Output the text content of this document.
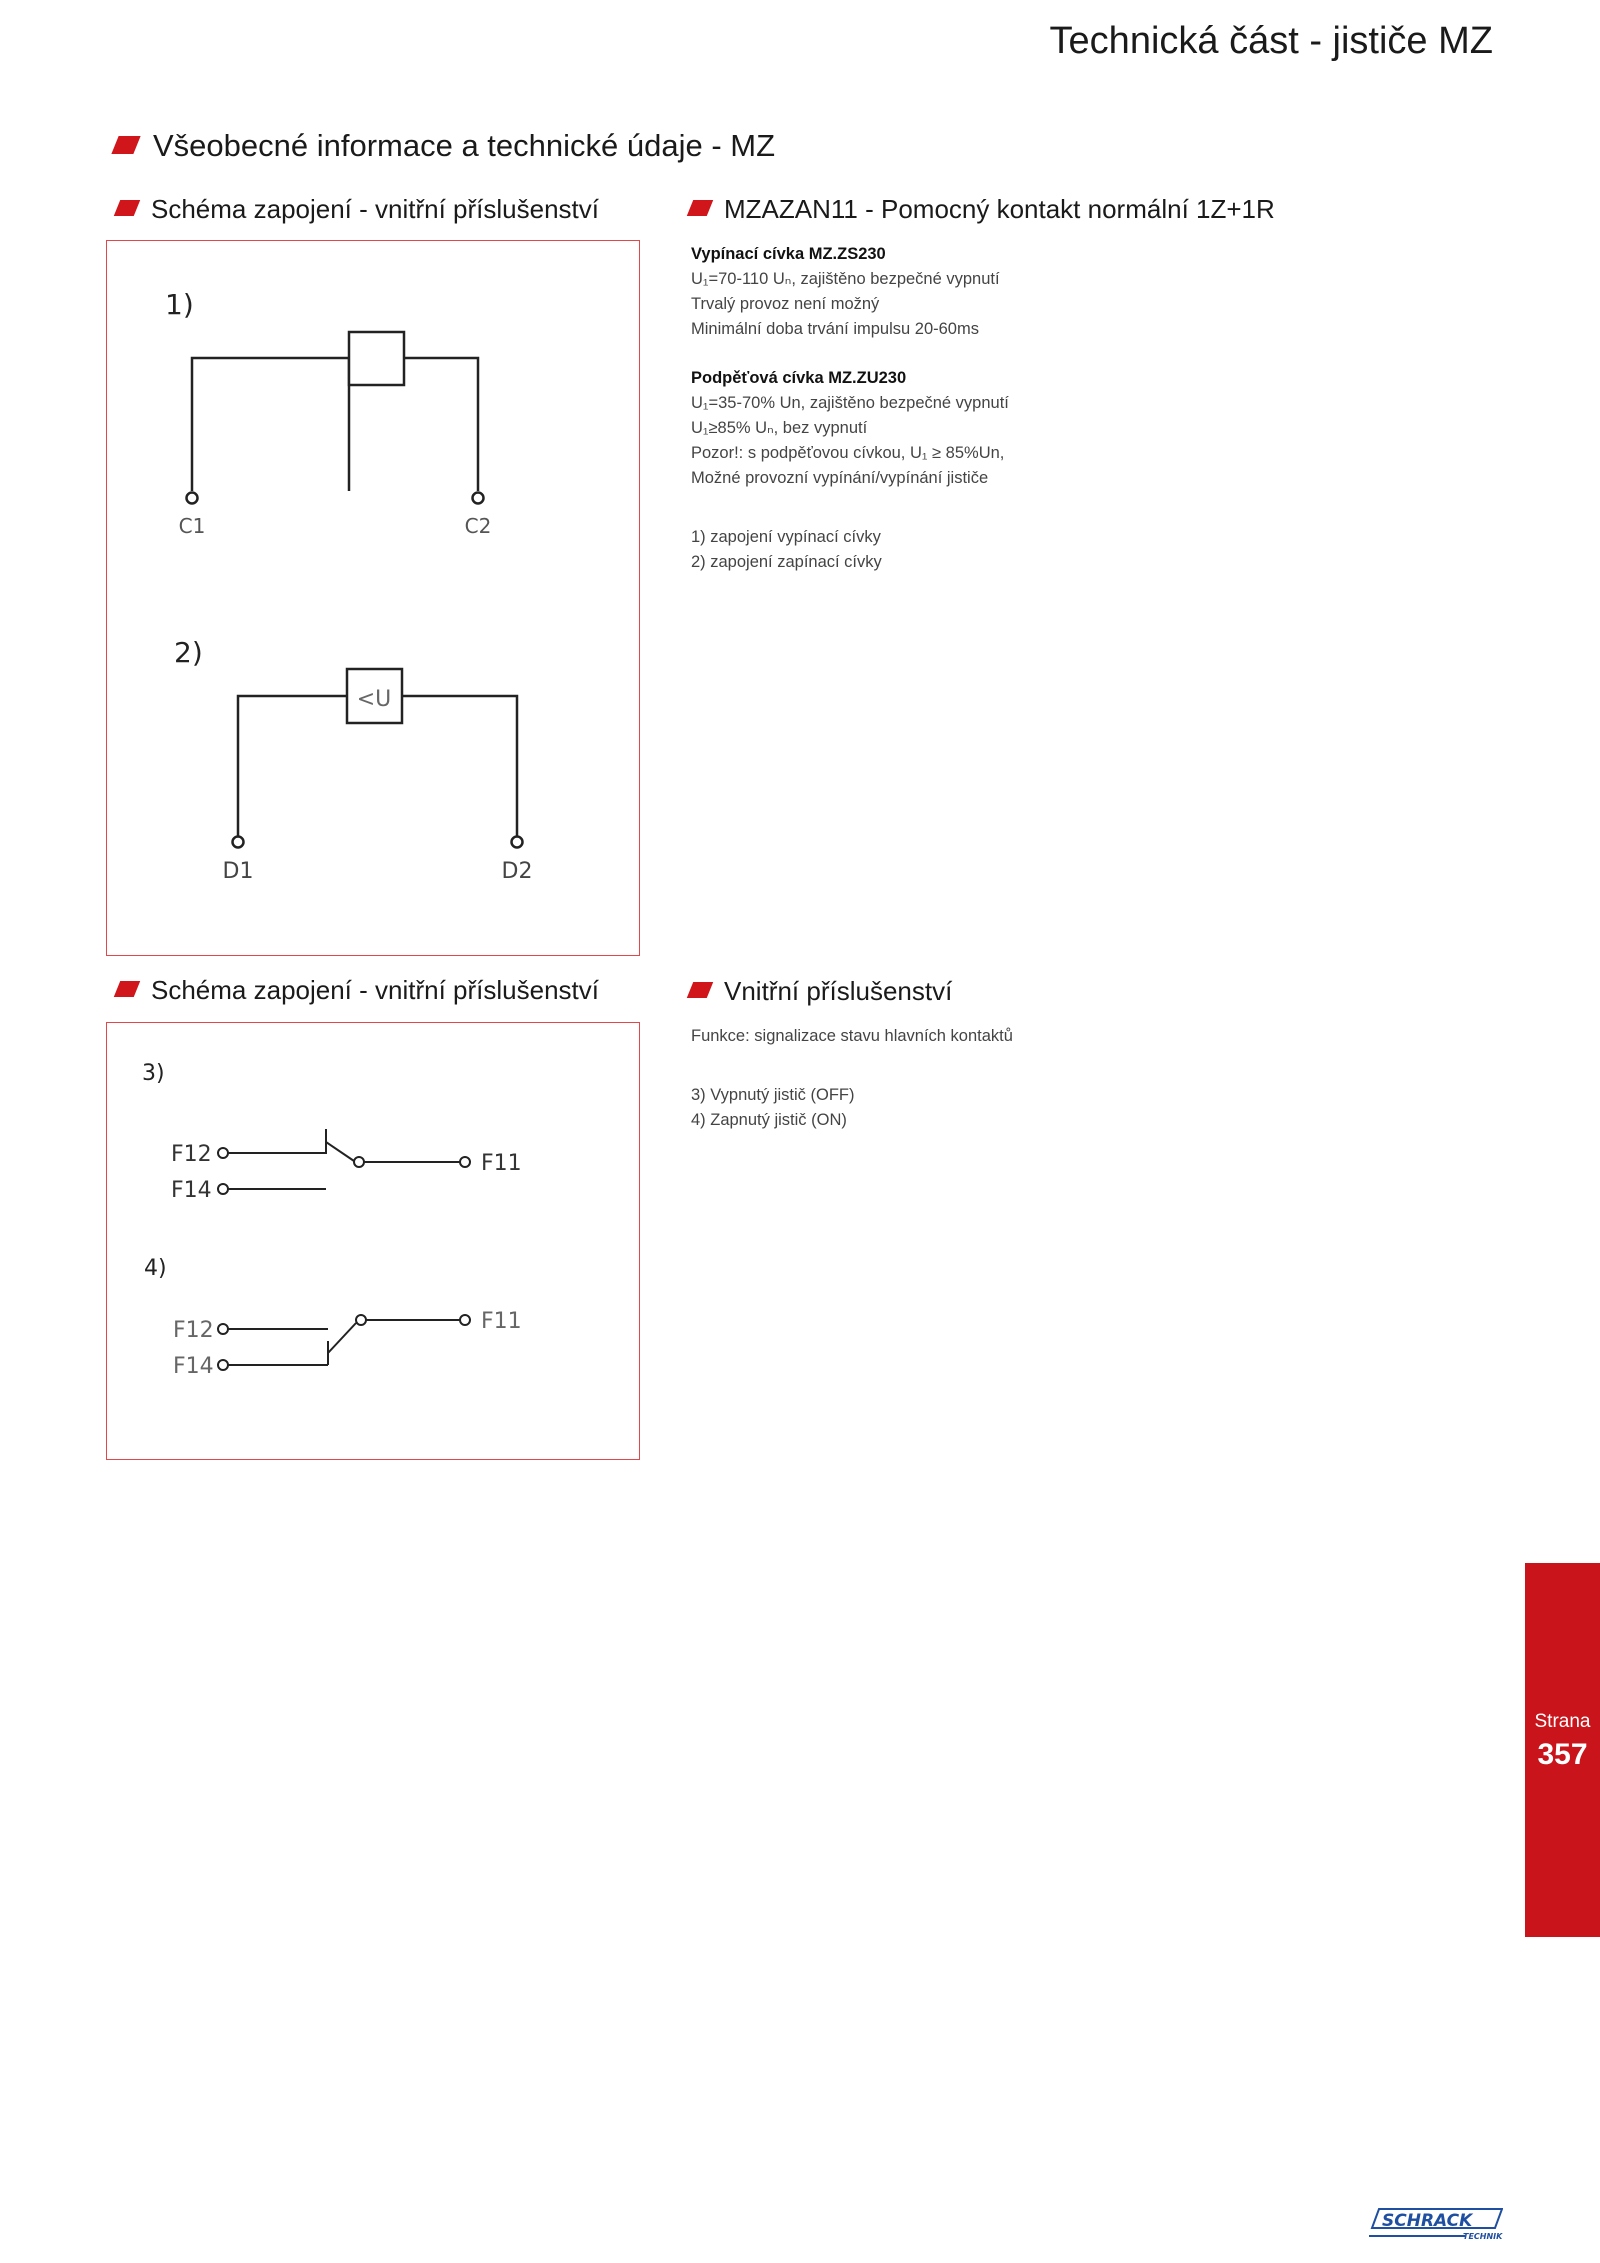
Technická část - jističe MZ
Všeobecné informace a technické údaje - MZ
Schéma zapojení - vnitřní příslušenství	MZAZAN11 - Pomocný kontakt normální 1Z+1R
1)
C1	C2
2)
<U
D1	D2
Vypínací cívka MZ.ZS230
U₁=70-110 Uₙ, zajištěno bezpečné vypnutí
Trvalý provoz není možný
Minimální doba trvání impulsu 20-60ms
Podpěťová cívka MZ.ZU230
U₁=35-70% Un, zajištěno bezpečné vypnutí
U₁≥85% Uₙ, bez vypnutí
Pozor!: s podpěťovou cívkou, U₁ ≥ 85%Un,
Možné provozní vypínání/vypínání jističe
1) zapojení vypínací cívky
2) zapojení zapínací cívky
Schéma zapojení - vnitřní příslušenství	Vnitřní příslušenství
3)
F12
F14
F11
4)
F12
F14
F11
Funkce: signalizace stavu hlavních kontaktů
3) Vypnutý jistič (OFF)
4) Zapnutý jistič (ON)
Strana
357
SCHRACK
TECHNIK
